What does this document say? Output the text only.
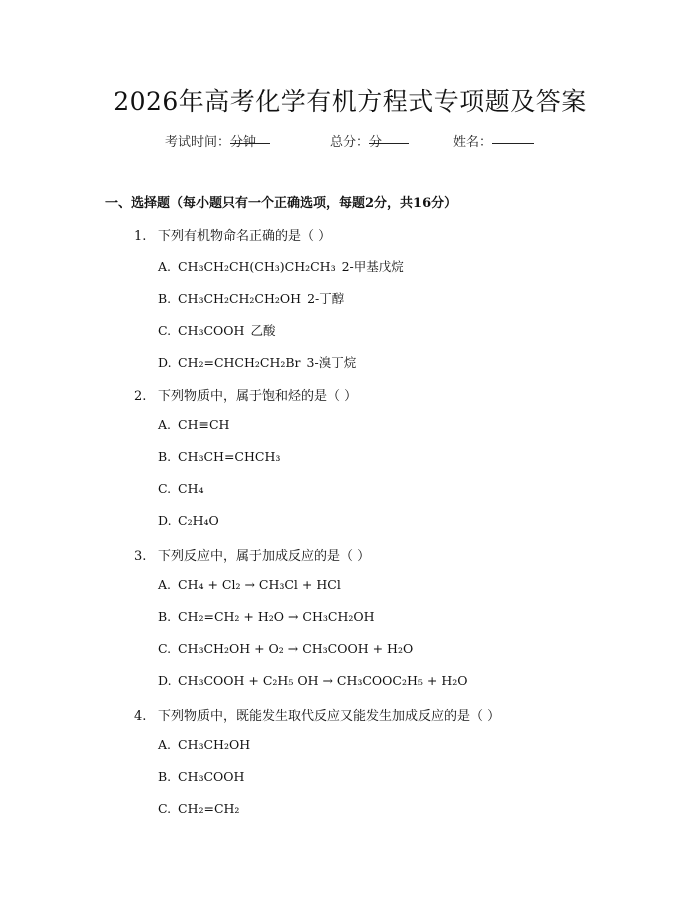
2026年高考化学有机方程式专项题及答案
考试时间：
分钟	总分：
分	姓名：
一、选择题（每小题只有一个正确选项，每题2分，共16分）
1. 下列有机物命名正确的是（ ）
A. CH₃CH₂CH(CH₃)CH₂CH₃ 2-甲基戊烷
B. CH₃CH₂CH₂CH₂OH 2-丁醇
C. CH₃COOH 乙酸
D. CH₂=CHCH₂CH₂Br 3-溴丁烷
2. 下列物质中，属于饱和烃的是（ ）
A. CH≡CH
B. CH₃CH=CHCH₃
C. CH₄
D. C₂H₄O
3. 下列反应中，属于加成反应的是（ ）
A. CH₄ + Cl₂ → CH₃Cl + HCl
B. CH₂=CH₂ + H₂O → CH₃CH₂OH
C. CH₃CH₂OH + O₂ → CH₃COOH + H₂O
D. CH₃COOH + C₂H₅ OH → CH₃COOC₂H₅ + H₂O
4. 下列物质中，既能发生取代反应又能发生加成反应的是（ ）
A. CH₃CH₂OH
B. CH₃COOH
C. CH₂=CH₂
